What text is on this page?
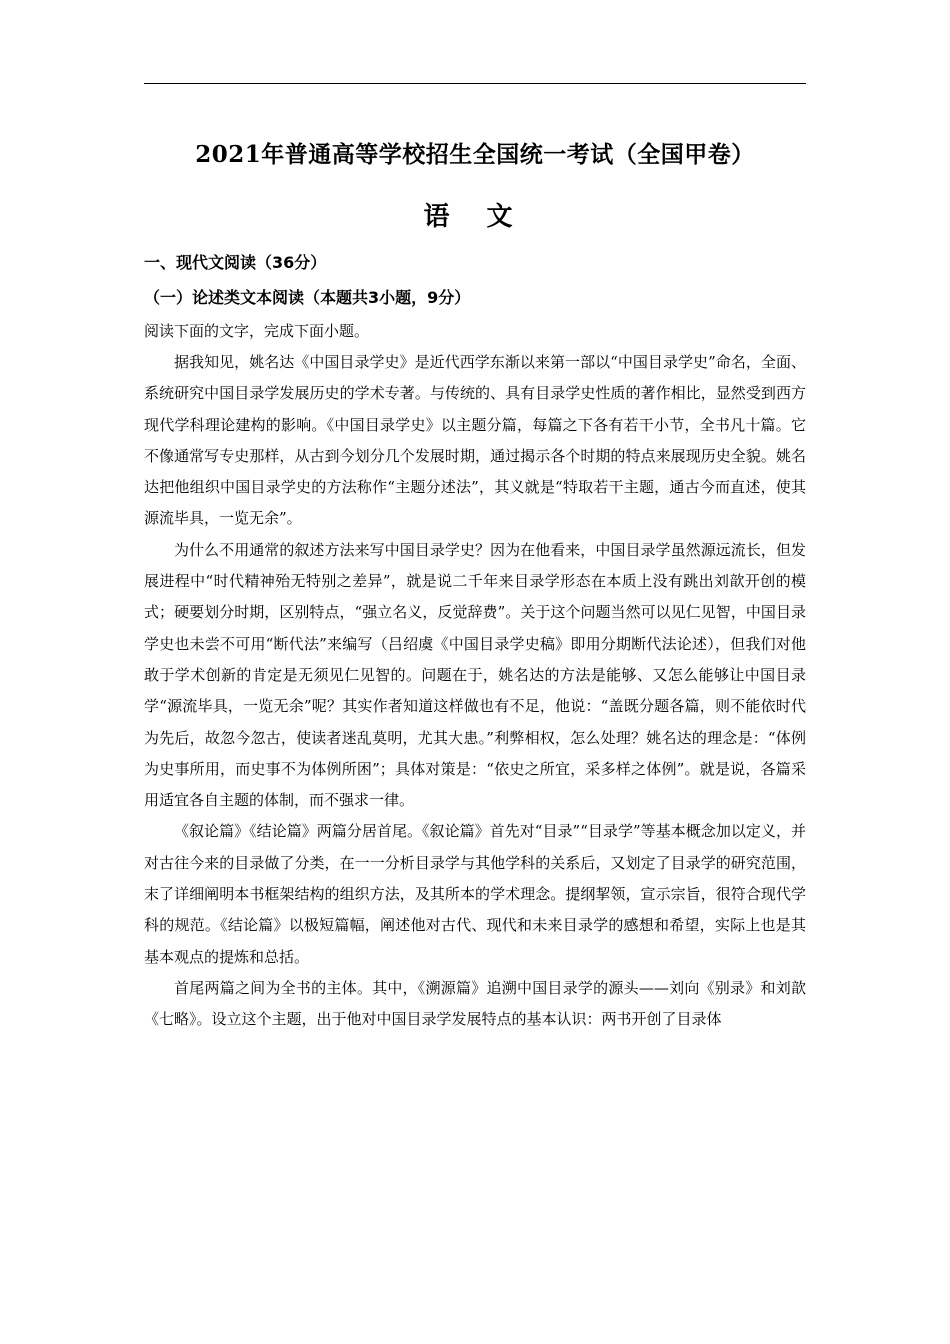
2021年普通高等学校招生全国统一考试（全国甲卷）
语 文
一、现代文阅读（36分）
（一）论述类文本阅读（本题共3小题，9分）
阅读下面的文字，完成下面小题。

据我知见，姚名达《中国目录学史》是近代西学东渐以来第一部以“中国目录学史”命名，全面、系统研究中国目录学发展历史的学术专著。与传统的、具有目录学史性质的著作相比，显然受到西方现代学科理论建构的影响。《中国目录学史》以主题分篇，每篇之下各有若干小节，全书凡十篇。它不像通常写专史那样，从古到今划分几个发展时期，通过揭示各个时期的特点来展现历史全貌。姚名达把他组织中国目录学史的方法称作“主题分述法”，其义就是“特取若干主题，通古今而直述，使其源流毕具，一览无余”。

为什么不用通常的叙述方法来写中国目录学史？因为在他看来，中国目录学虽然源远流长，但发展进程中“时代精神殆无特别之差异”，就是说二千年来目录学形态在本质上没有跳出刘歆开创的模式；硬要划分时期，区别特点，“强立名义，反觉辞费”。关于这个问题当然可以见仁见智，中国目录学史也未尝不可用“断代法”来编写（吕绍虞《中国目录学史稿》即用分期断代法论述），但我们对他敢于学术创新的肯定是无须见仁见智的。问题在于，姚名达的方法是能够、又怎么能够让中国目录学“源流毕具，一览无余”呢？其实作者知道这样做也有不足，他说：“盖既分题各篇，则不能依时代为先后，故忽今忽古，使读者迷乱莫明，尤其大患。”利弊相权，怎么处理？姚名达的理念是：“体例为史事所用，而史事不为体例所困”；具体对策是：“依史之所宜，采多样之体例”。就是说，各篇采用适宜各自主题的体制，而不强求一律。

《叙论篇》《结论篇》两篇分居首尾。《叙论篇》首先对“目录”“目录学”等基本概念加以定义，并对古往今来的目录做了分类，在一一分析目录学与其他学科的关系后，又划定了目录学的研究范围，末了详细阐明本书框架结构的组织方法，及其所本的学术理念。提纲挈领，宣示宗旨，很符合现代学科的规范。《结论篇》以极短篇幅，阐述他对古代、现代和未来目录学的感想和希望，实际上也是其基本观点的提炼和总括。

首尾两篇之间为全书的主体。其中，《溯源篇》追溯中国目录学的源头——刘向《别录》和刘歆《七略》。设立这个主题，出于他对中国目录学发展特点的基本认识：两书开创了目录体
